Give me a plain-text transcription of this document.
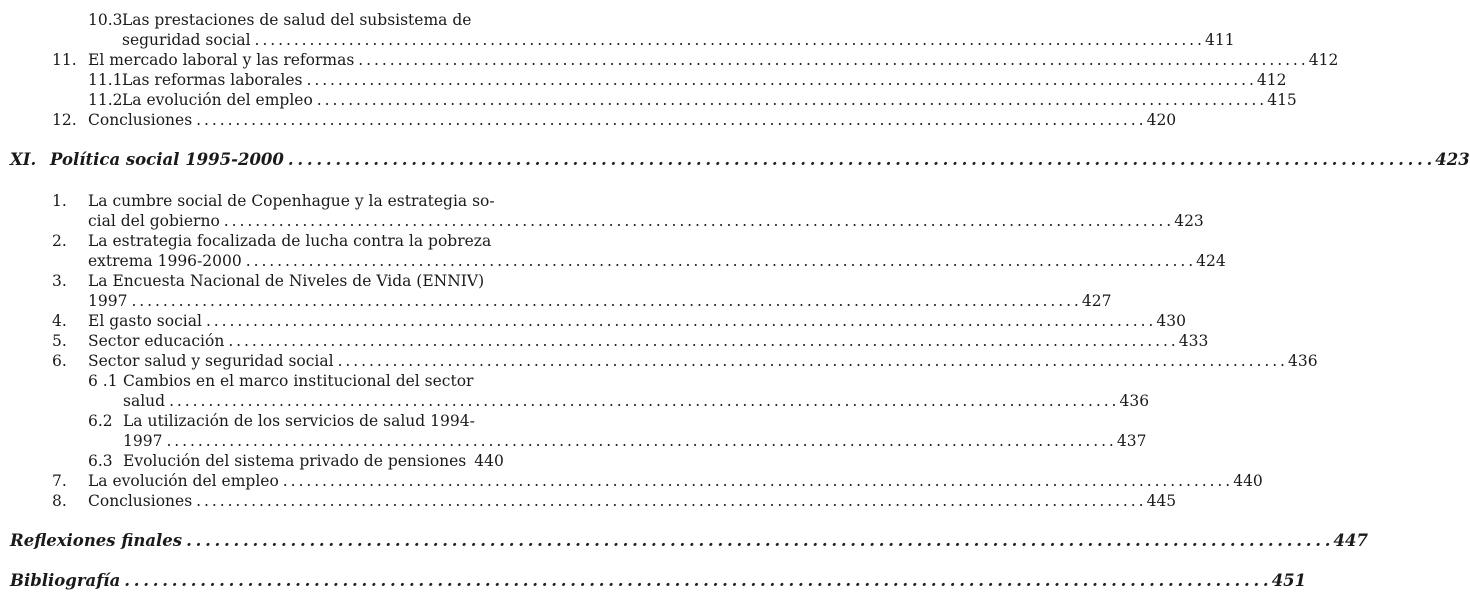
10.3 Las prestaciones de salud del subsistema de
seguridad social . . .	411
11. El mercado laboral y las reformas . . .	412
11.1 Las reformas laborales . . .	412
11.2 La evolución del empleo . . .	415
12. Conclusiones . . .	420
XI. Política social 1995-2000 . . .	423
1. La cumbre social de Copenhague y la estrategia so-
cial del gobierno . . .	423
2. La estrategia focalizada de lucha contra la pobreza
extrema 1996-2000 . . .	424
3. La Encuesta Nacional de Niveles de Vida (ENNIV)
1997 . . .	427
4. El gasto social . . .	430
5. Sector educación . . .	433
6. Sector salud y seguridad social . . .	436
6 .1 Cambios en el marco institucional del sector
salud . . .	436
6.2 La utilización de los servicios de salud 1994-
1997 . . .	437
6.3 Evolución del sistema privado de pensiones 440
7. La evolución del empleo . . .	440
8. Conclusiones . . .	445
Reflexiones finales . . .	447
Bibliografía . . .	451
